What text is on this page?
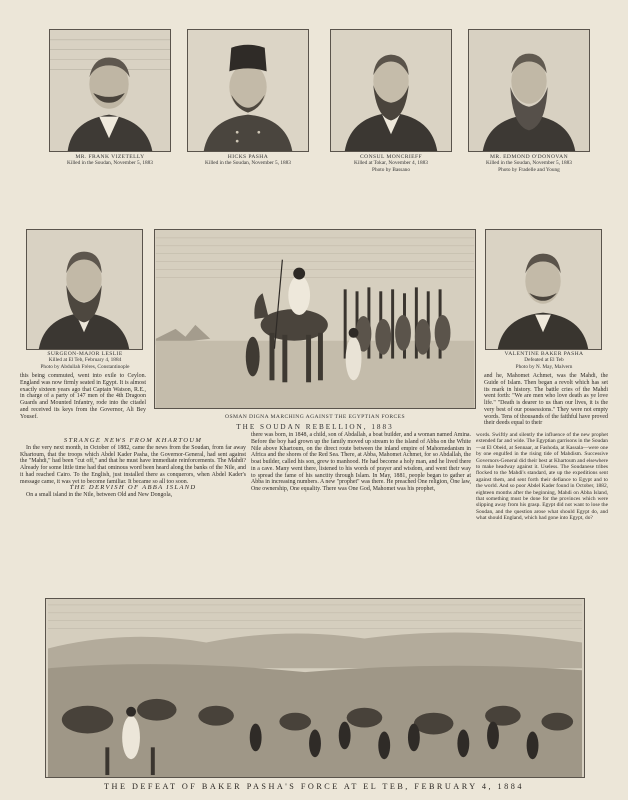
MR. FRANK VIZETELLY
Killed in the Soudan, November 5, 1883
HICKS PASHA
Killed in the Soudan, November 5, 1883
CONSUL MONCRIEFF
Killed at Tokar, November 4, 1883
Photo by Bassano
MR. EDMOND O'DONOVAN
Killed in the Soudan, November 5, 1883
Photo by Fradelle and Young
SURGEON-MAJOR LESLIE
Killed at El Teb, February 4, 1884
Photo by Abdullah Frères, Constantinople
OSMAN DIGNA MARCHING AGAINST THE EGYPTIAN FORCES
THE SOUDAN REBELLION, 1883
VALENTINE BAKER PASHA
Defeated at El Teb
Photo by N. May, Malvern

this being commuted, went into exile to Ceylon. England was now firmly seated in Egypt. It is almost exactly sixteen years ago that Captain Watson, R.E., in charge of a party of 147 men of the 4th Dragoon Guards and Mounted Infantry, rode into the citadel and received its keys from the Governor, Ali Bey Yousef.

STRANGE NEWS FROM KHARTOUM

In the very next month, in October of 1882, came the news from the Soudan, from far away Khartoum, that the troops which Abdel Kader Pasha, the Governor-General, had sent against the "Mahdi," had been "cut off," and that he must have immediate reinforcements. The Mahdi? Already for some little time had that ominous word been heard along the banks of the Nile, and it had reached Cairo. To the English, just installed there as conquerors, when Abdel Kader's message came, it was yet to become familiar. It became so all too soon.

THE DERVISH OF ABBA ISLAND

On a small island in the Nile, between Old and New Dongola,

there was born, in 1848, a child, son of Abdallah, a boat builder, and a woman named Amina. Before the boy had grown up the family moved up stream to the island of Abba on the White Nile above Khartoum, on the direct route between the inland empire of Mahomedanism in Africa and the shores of the Red Sea. There, at Abba, Mahomet Achmet, for so Abdallah, the boat builder, called his son, grew to manhood. He had become a holy man, and he lived there in a cave. Many went there, listened to his words of prayer and wisdom, and went their way to spread the fame of his sanctity through Islam. In May, 1881, people began to gather at Abba in increasing numbers. A new "prophet" was there. He preached One religion, One law, One ownership, One equality. There was One God, Mahomet was his prophet,

and he, Mahomet Achmet, was the Mahdi, the Guide of Islam. Then began a revolt which has set its mark in history. The battle cries of the Mahdi went forth: "We are men who love death as ye love life." "Death is dearer to us than our lives, it is the very best of our possessions." They were not empty words. Tens of thousands of the faithful have proved their deeds equal to their

words. Swiftly and silently the influence of the new prophet extended far and wide. The Egyptian garrisons in the Soudan—at El Obeid, at Sennaar, at Fashoda, at Kassala—were one by one engulfed in the rising tide of Mahdism. Successive Governors-General did their best at Khartoum and elsewhere to make headway against it. Useless. The Soudanese tribes flocked to the Mahdi's standard, ate up the expeditions sent against them, and sent forth their defiance to Egypt and to the world. And so poor Abdel Kader found in October, 1882, eighteen months after the beginning, Mahdi on Abba Island, that something must be done for the provinces which were slipping away from his grasp. Egypt did not want to lose the Soudan, and the question arose what should Egypt do, and what should England, which had gone into Egypt, do?

THE DEFEAT OF BAKER PASHA'S FORCE AT EL TEB, FEBRUARY 4, 1884
